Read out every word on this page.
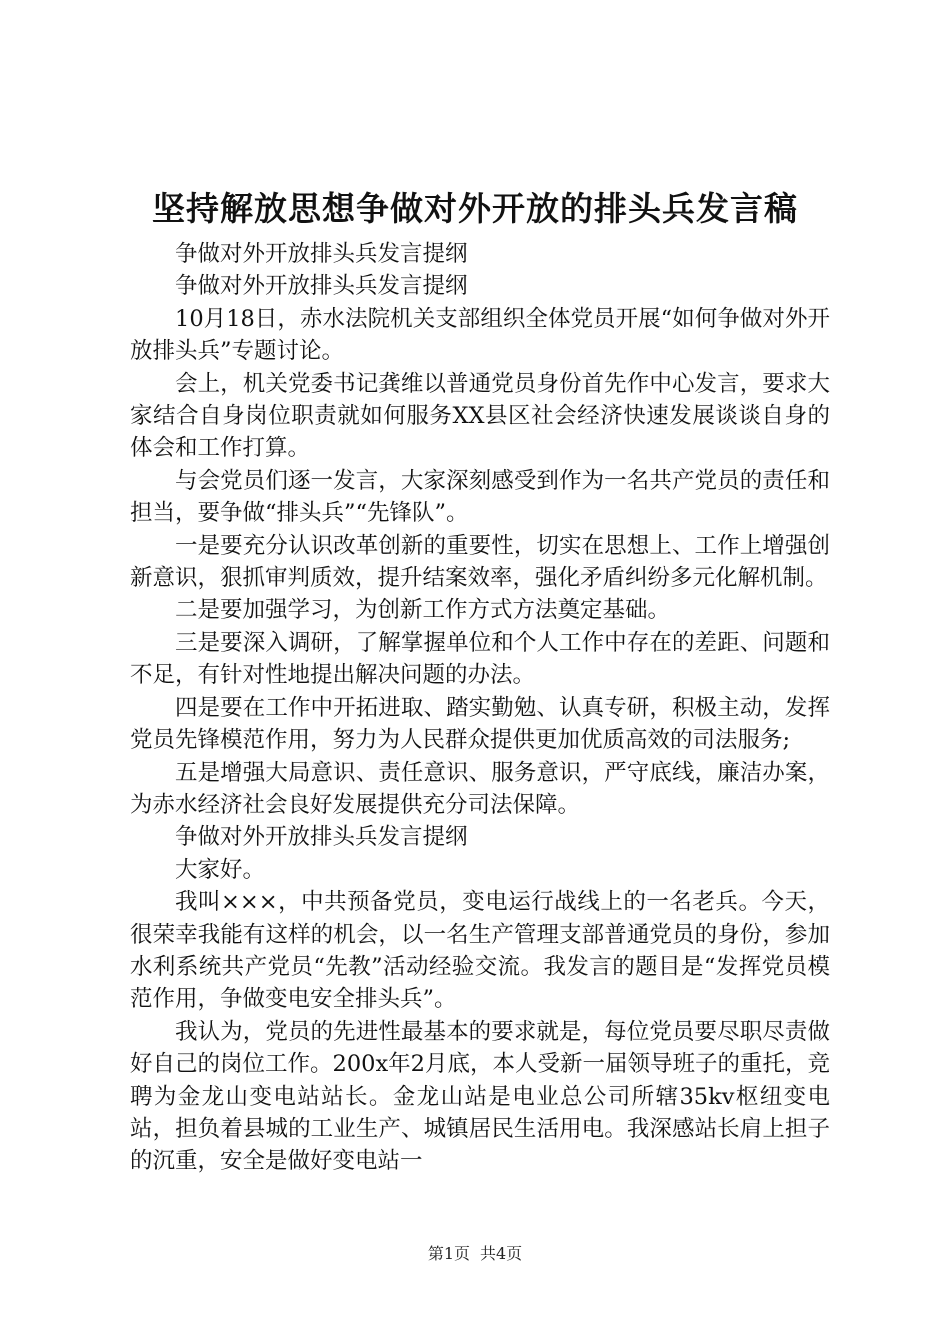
坚持解放思想争做对外开放的排头兵发言稿

争做对外开放排头兵发言提纲

争做对外开放排头兵发言提纲

10月18日，赤水法院机关支部组织全体党员开展“如何争做对外开放排头兵”专题讨论。

会上，机关党委书记龚维以普通党员身份首先作中心发言，要求大家结合自身岗位职责就如何服务XX县区社会经济快速发展谈谈自身的体会和工作打算。

与会党员们逐一发言，大家深刻感受到作为一名共产党员的责任和担当，要争做“排头兵”“先锋队”。

一是要充分认识改革创新的重要性，切实在思想上、工作上增强创新意识，狠抓审判质效，提升结案效率，强化矛盾纠纷多元化解机制。

二是要加强学习，为创新工作方式方法奠定基础。

三是要深入调研，了解掌握单位和个人工作中存在的差距、问题和不足，有针对性地提出解决问题的办法。

四是要在工作中开拓进取、踏实勤勉、认真专研，积极主动，发挥党员先锋模范作用，努力为人民群众提供更加优质高效的司法服务;

五是增强大局意识、责任意识、服务意识，严守底线，廉洁办案，为赤水经济社会良好发展提供充分司法保障。

争做对外开放排头兵发言提纲

大家好。

我叫×××，中共预备党员，变电运行战线上的一名老兵。今天，很荣幸我能有这样的机会，以一名生产管理支部普通党员的身份，参加水利系统共产党员“先教”活动经验交流。我发言的题目是“发挥党员模范作用，争做变电安全排头兵”。

我认为，党员的先进性最基本的要求就是，每位党员要尽职尽责做好自己的岗位工作。200x年2月底，本人受新一届领导班子的重托，竞聘为金龙山变电站站长。金龙山站是电业总公司所辖35kv枢纽变电站，担负着县城的工业生产、城镇居民生活用电。我深感站长肩上担子的沉重，安全是做好变电站一

第1页 共4页
